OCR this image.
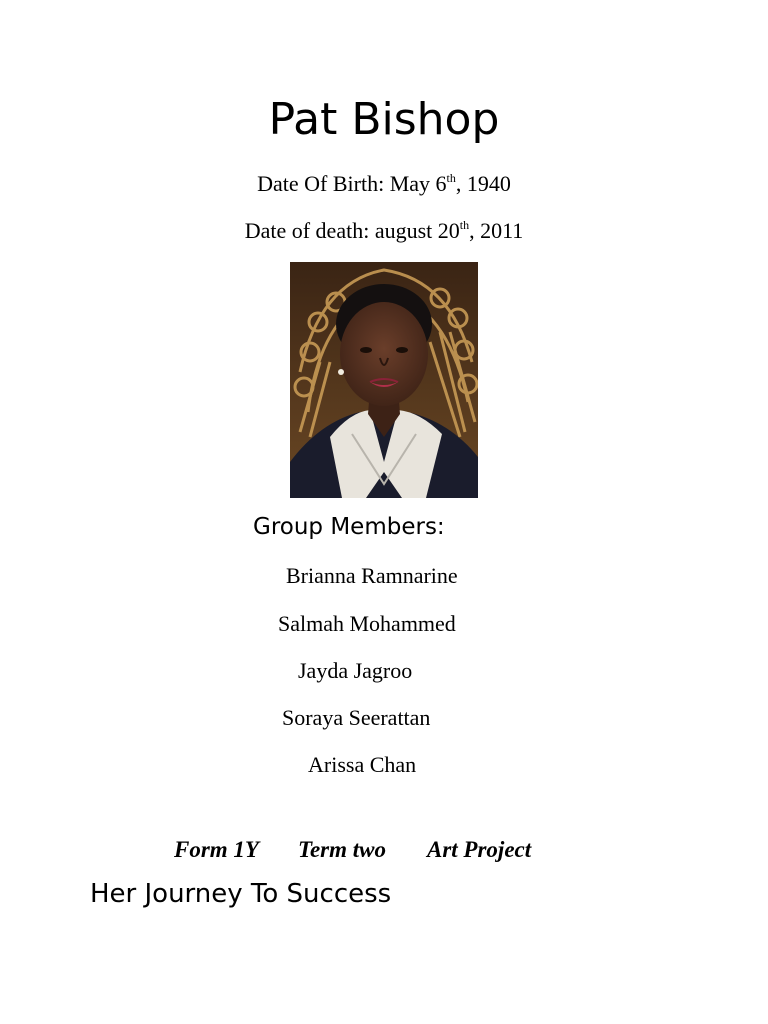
Pat Bishop
Date Of Birth: May 6th, 1940
Date of death: august 20th, 2011
Group Members:
Brianna Ramnarine
Salmah Mohammed
Jayda Jagroo
Soraya Seerattan
Arissa Chan
Form 1Y Term two Art Project
Her Journey To Success
